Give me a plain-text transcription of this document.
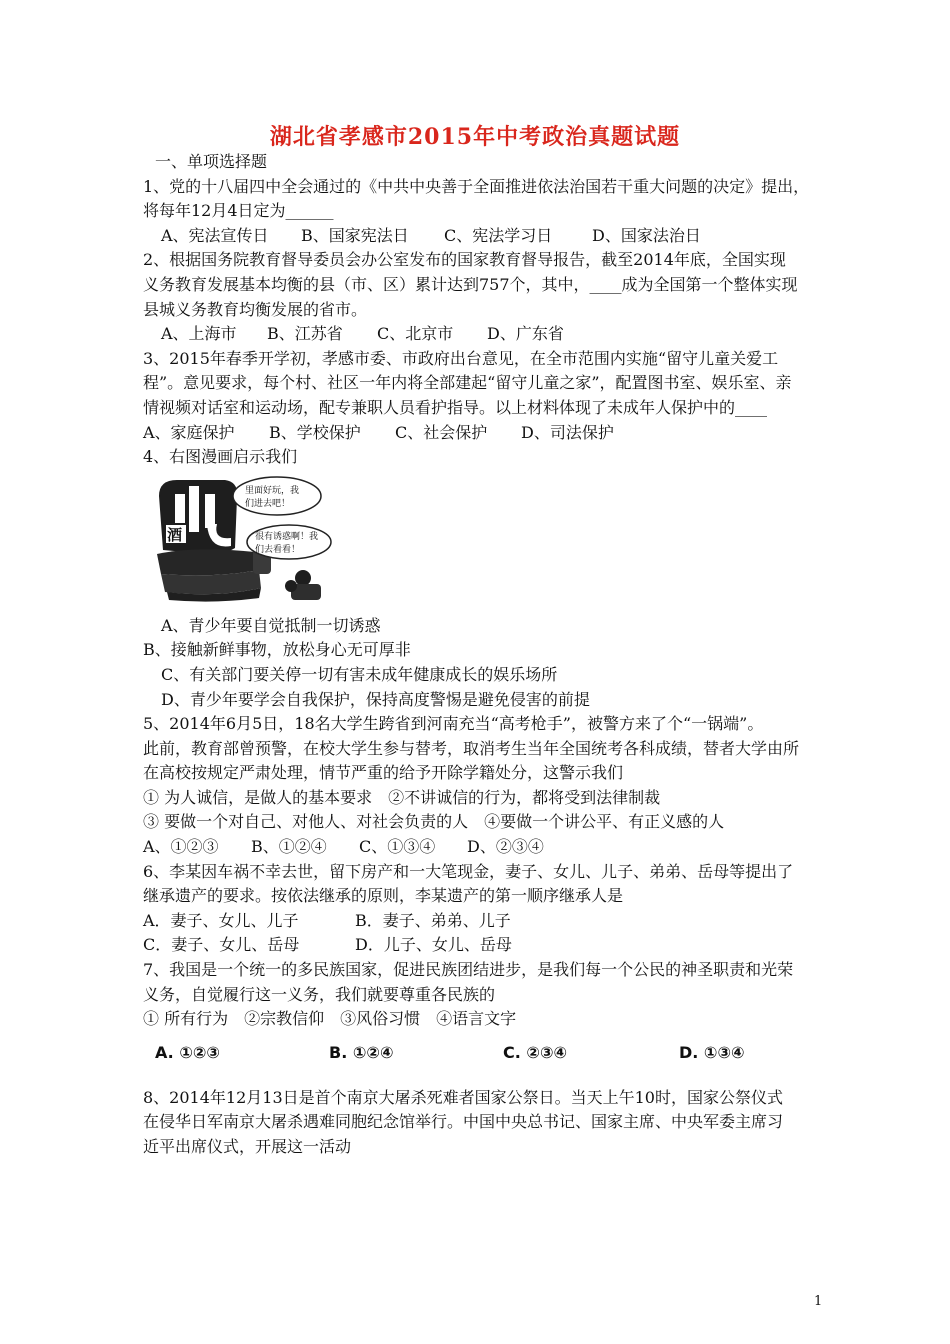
湖北省孝感市2015年中考政治真题试题
一、单项选择题
1、党的十八届四中全会通过的《中共中央善于全面推进依法治国若干重大问题的决定》提出，
将每年12月4日定为______
A、宪法宣传日 B、国家宪法日 C、宪法学习日 D、国家法治日
2、根据国务院教育督导委员会办公室发布的国家教育督导报告，截至2014年底，全国实现
义务教育发展基本均衡的县（市、区）累计达到757个，其中，____成为全国第一个整体实现
县城义务教育均衡发展的省市。
A、上海市 B、江苏省 C、北京市 D、广东省
3、2015年春季开学初，孝感市委、市政府出台意见，在全市范围内实施“留守儿童关爱工
程”。意见要求，每个村、社区一年内将全部建起“留守儿童之家”，配置图书室、娱乐室、亲
情视频对话室和运动场，配专兼职人员看护指导。以上材料体现了未成年人保护中的____
A、家庭保护 B、学校保护 C、社会保护 D、司法保护
4、右图漫画启示我们
酒
里面好玩，我
们进去吧！
很有诱惑啊！我
们去看看！
A、青少年要自觉抵制一切诱惑
B、接触新鲜事物，放松身心无可厚非
C、有关部门要关停一切有害未成年健康成长的娱乐场所
D、青少年要学会自我保护，保持高度警惕是避免侵害的前提
5、2014年6月5日，18名大学生跨省到河南充当“高考枪手”，被警方来了个“一锅端”。
此前，教育部曾预警，在校大学生参与替考，取消考生当年全国统考各科成绩，替者大学由所
在高校按规定严肃处理，情节严重的给予开除学籍处分，这警示我们
① 为人诚信，是做人的基本要求　②不讲诚信的行为，都将受到法律制裁
③ 要做一个对自己、对他人、对社会负责的人　④要做一个讲公平、有正义感的人
A、①②③ B、①②④ C、①③④ D、②③④
6、李某因车祸不幸去世，留下房产和一大笔现金，妻子、女儿、儿子、弟弟、岳母等提出了
继承遗产的要求。按依法继承的原则，李某遗产的第一顺序继承人是
A．妻子、女儿、儿子	B．妻子、弟弟、儿子
C．妻子、女儿、岳母	D．儿子、女儿、岳母
7、我国是一个统一的多民族国家，促进民族团结进步，是我们每一个公民的神圣职责和光荣
义务，自觉履行这一义务，我们就要尊重各民族的
① 所有行为　②宗教信仰　③风俗习惯　④语言文字
A. ①②③	B. ①②④	C. ②③④	D. ①③④
8、2014年12月13日是首个南京大屠杀死难者国家公祭日。当天上午10时，国家公祭仪式
在侵华日军南京大屠杀遇难同胞纪念馆举行。中国中央总书记、国家主席、中央军委主席习
近平出席仪式，开展这一活动
1
